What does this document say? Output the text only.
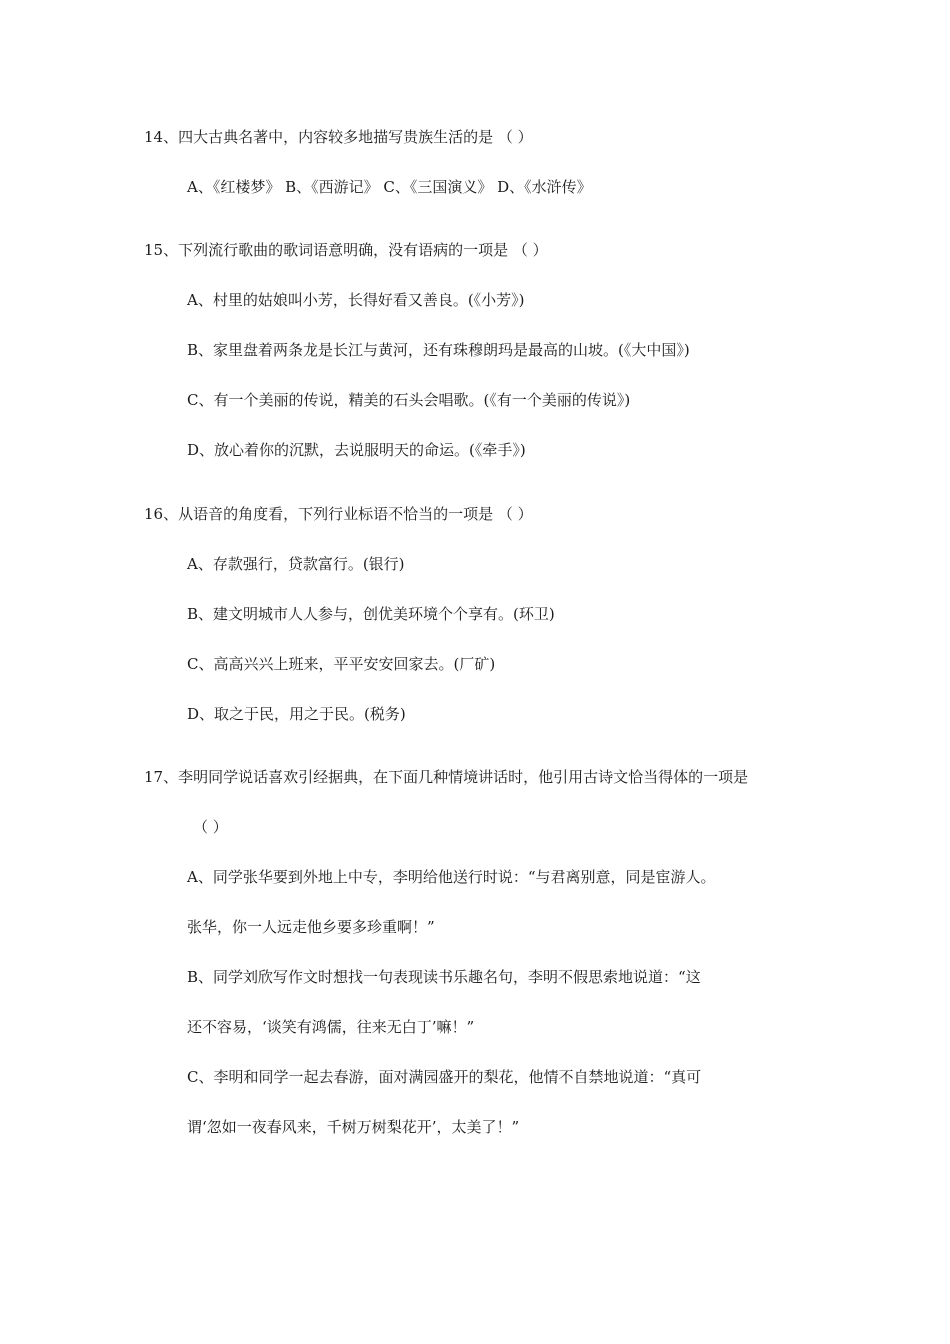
14、四大古典名著中，内容较多地描写贵族生活的是 （ ）
A、《红楼梦》 B、《西游记》 C、《三国演义》 D、《水浒传》
15、下列流行歌曲的歌词语意明确，没有语病的一项是 （ ）
A、村里的姑娘叫小芳，长得好看又善良。(《小芳》)
B、家里盘着两条龙是长江与黄河，还有珠穆朗玛是最高的山坡。(《大中国》)
C、有一个美丽的传说，精美的石头会唱歌。(《有一个美丽的传说》)
D、放心着你的沉默，去说服明天的命运。(《牵手》)
16、从语音的角度看，下列行业标语不恰当的一项是 （ ）
A、存款强行，贷款富行。(银行)
B、建文明城市人人参与，创优美环境个个享有。(环卫)
C、高高兴兴上班来，平平安安回家去。(厂矿)
D、取之于民，用之于民。(税务)
17、李明同学说话喜欢引经据典，在下面几种情境讲话时，他引用古诗文恰当得体的一项是
（ ）
A、同学张华要到外地上中专，李明给他送行时说：“与君离别意，同是宦游人。
张华，你一人远走他乡要多珍重啊！”
B、同学刘欣写作文时想找一句表现读书乐趣名句，李明不假思索地说道：“这
还不容易，‘谈笑有鸿儒，往来无白丁’嘛！”
C、李明和同学一起去春游，面对满园盛开的梨花，他情不自禁地说道：“真可
谓‘忽如一夜春风来，千树万树梨花开’，太美了！”
